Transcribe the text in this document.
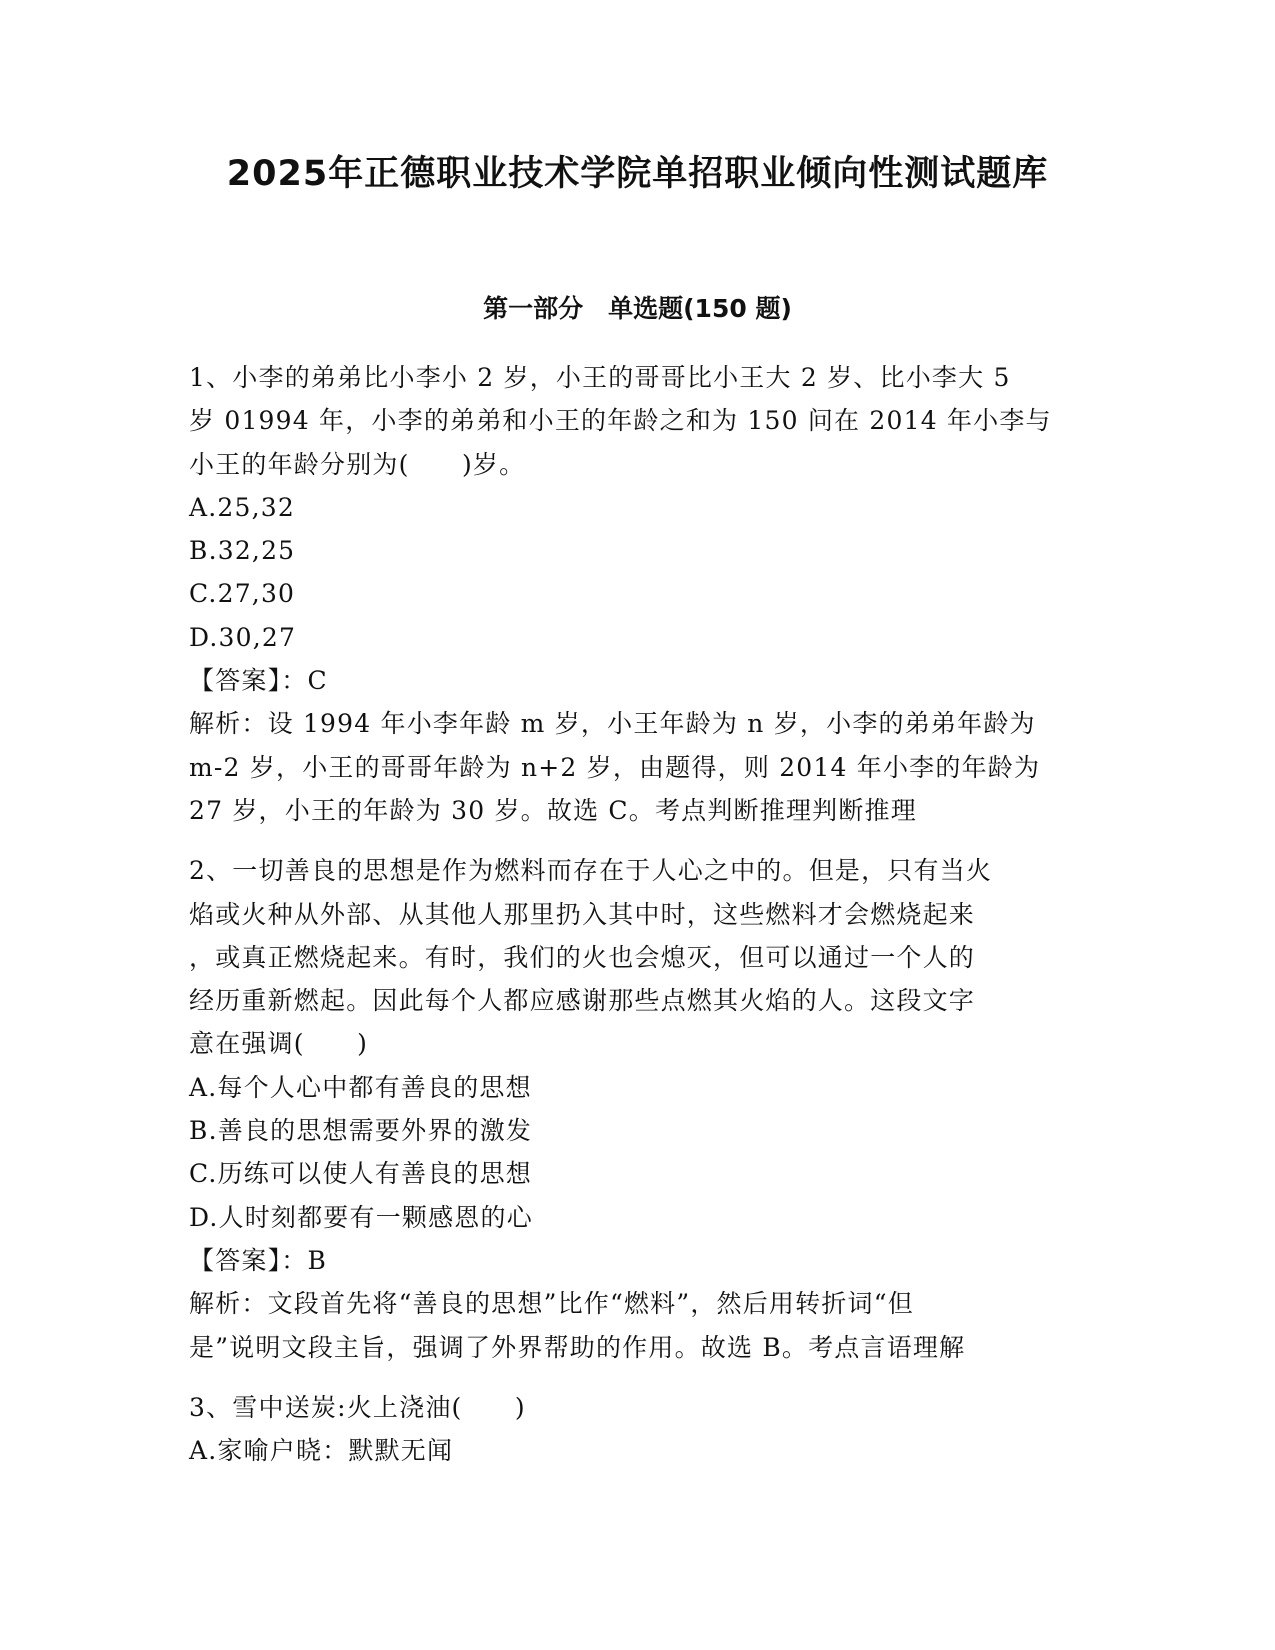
2025年正德职业技术学院单招职业倾向性测试题库
第一部分　单选题(150 题)
1、小李的弟弟比小李小 2 岁，小王的哥哥比小王大 2 岁、比小李大 5
岁 01994 年，小李的弟弟和小王的年龄之和为 150 问在 2014 年小李与
小王的年龄分别为(　　)岁。
A.25,32
B.32,25
C.27,30
D.30,27
【答案】：C
解析：设 1994 年小李年龄 m 岁，小王年龄为 n 岁，小李的弟弟年龄为
m-2 岁，小王的哥哥年龄为 n+2 岁，由题得，则 2014 年小李的年龄为
27 岁，小王的年龄为 30 岁。故选 C。考点判断推理判断推理
2、一切善良的思想是作为燃料而存在于人心之中的。但是，只有当火
焰或火种从外部、从其他人那里扔入其中时，这些燃料才会燃烧起来
，或真正燃烧起来。有时，我们的火也会熄灭，但可以通过一个人的
经历重新燃起。因此每个人都应感谢那些点燃其火焰的人。这段文字
意在强调(　　)
A.每个人心中都有善良的思想
B.善良的思想需要外界的激发
C.历练可以使人有善良的思想
D.人时刻都要有一颗感恩的心
【答案】：B
解析：文段首先将“善良的思想”比作“燃料”，然后用转折词“但
是”说明文段主旨，强调了外界帮助的作用。故选 B。考点言语理解
3、雪中送炭:火上浇油(　　)
A.家喻户晓：默默无闻
